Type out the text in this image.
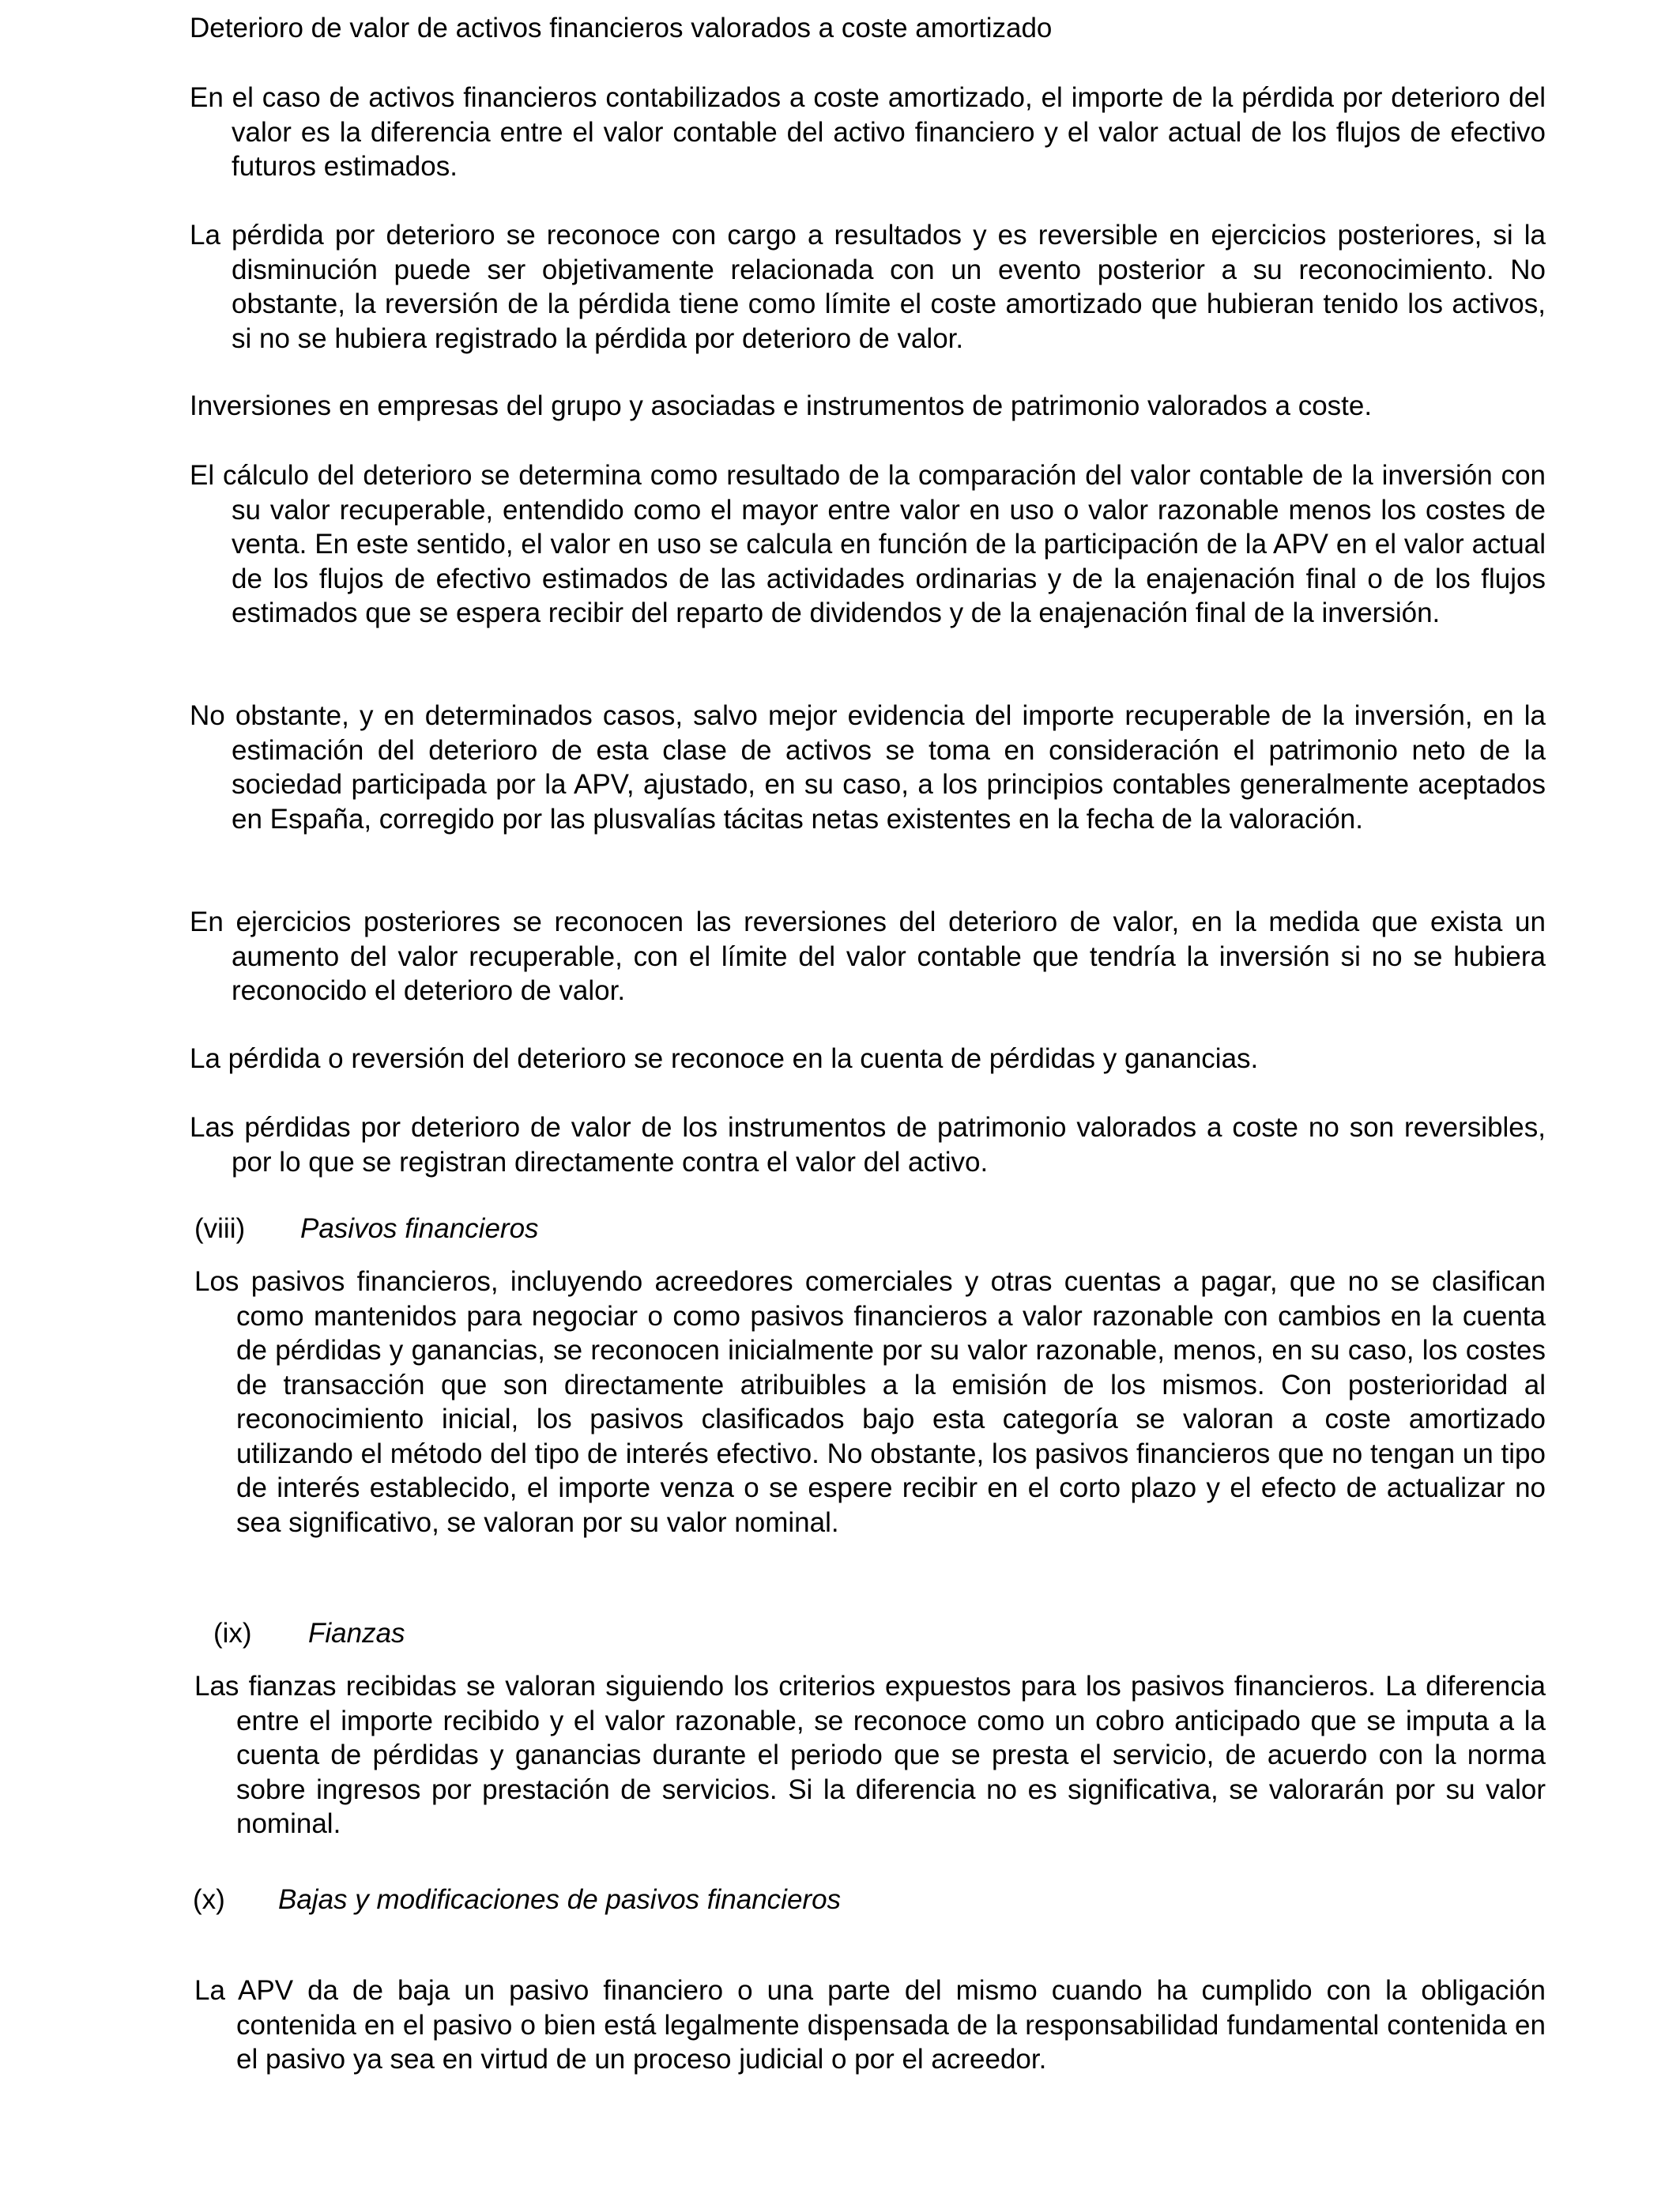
Deterioro de valor de activos financieros valorados a coste amortizado

En el caso de activos financieros contabilizados a coste amortizado, el importe de la pérdida por deterioro del valor es la diferencia entre el valor contable del activo financiero y el valor actual de los flujos de efectivo futuros estimados.

La pérdida por deterioro se reconoce con cargo a resultados y es reversible en ejercicios posteriores, si la disminución puede ser objetivamente relacionada con un evento posterior a su reconocimiento. No obstante, la reversión de la pérdida tiene como límite el coste amortizado que hubieran tenido los activos, si no se hubiera registrado la pérdida por deterioro de valor.

Inversiones en empresas del grupo y asociadas e instrumentos de patrimonio valorados a coste.

El cálculo del deterioro se determina como resultado de la comparación del valor contable de la inversión con su valor recuperable, entendido como el mayor entre valor en uso o valor razonable menos los costes de venta. En este sentido, el valor en uso se calcula en función de la participación de la APV en el valor actual de los flujos de efectivo estimados de las actividades ordinarias y de la enajenación final o de los flujos estimados que se espera recibir del reparto de dividendos y de la enajenación final de la inversión.

No obstante, y en determinados casos, salvo mejor evidencia del importe recuperable de la inversión, en la estimación del deterioro de esta clase de activos se toma en consideración el patrimonio neto de la sociedad participada por la APV, ajustado, en su caso, a los principios contables generalmente aceptados en España, corregido por las plusvalías tácitas netas existentes en la fecha de la valoración.

En ejercicios posteriores se reconocen las reversiones del deterioro de valor, en la medida que exista un aumento del valor recuperable, con el límite del valor contable que tendría la inversión si no se hubiera reconocido el deterioro de valor.

La pérdida o reversión del deterioro se reconoce en la cuenta de pérdidas y ganancias.

Las pérdidas por deterioro de valor de los instrumentos de patrimonio valorados a coste no son reversibles, por lo que se registran directamente contra el valor del activo.

(viii) Pasivos financieros

Los pasivos financieros, incluyendo acreedores comerciales y otras cuentas a pagar, que no se clasifican como mantenidos para negociar o como pasivos financieros a valor razonable con cambios en la cuenta de pérdidas y ganancias, se reconocen inicialmente por su valor razonable, menos, en su caso, los costes de transacción que son directamente atribuibles a la emisión de los mismos. Con posterioridad al reconocimiento inicial, los pasivos clasificados bajo esta categoría se valoran a coste amortizado utilizando el método del tipo de interés efectivo. No obstante, los pasivos financieros que no tengan un tipo de interés establecido, el importe venza o se espere recibir en el corto plazo y el efecto de actualizar no sea significativo, se valoran por su valor nominal.

(ix) Fianzas

Las fianzas recibidas se valoran siguiendo los criterios expuestos para los pasivos financieros. La diferencia entre el importe recibido y el valor razonable, se reconoce como un cobro anticipado que se imputa a la cuenta de pérdidas y ganancias durante el periodo que se presta el servicio, de acuerdo con la norma sobre ingresos por prestación de servicios. Si la diferencia no es significativa, se valorarán por su valor nominal.

(x) Bajas y modificaciones de pasivos financieros

La APV da de baja un pasivo financiero o una parte del mismo cuando ha cumplido con la obligación contenida en el pasivo o bien está legalmente dispensada de la responsabilidad fundamental contenida en el pasivo ya sea en virtud de un proceso judicial o por el acreedor.
